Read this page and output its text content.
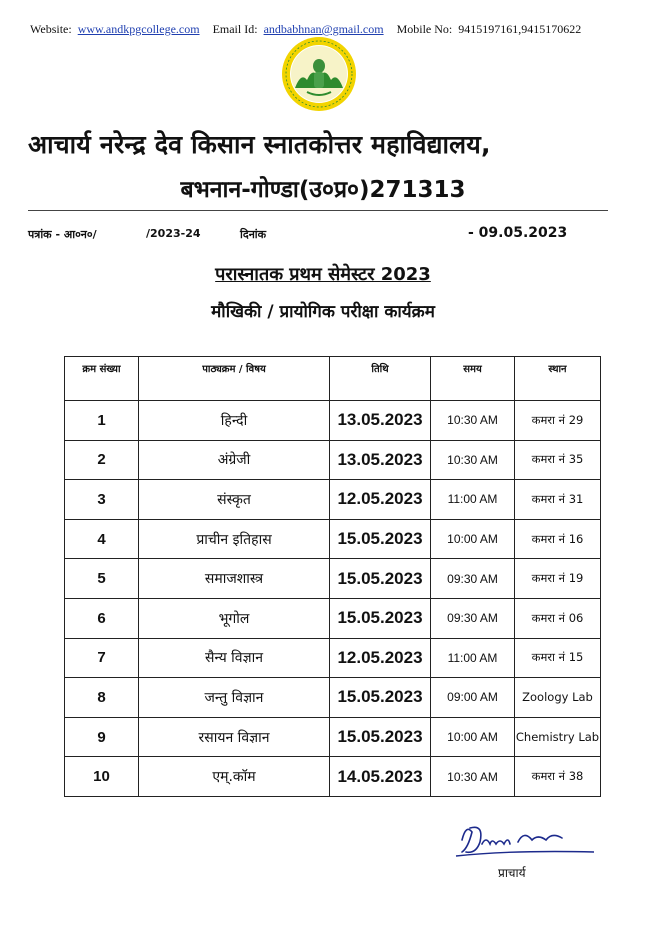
Website: www.andkpgcollege.com Email Id: andbabhnan@gmail.com Mobile No: 9415197161,9415170622
आचार्य नरेन्द्र देव किसान स्नातकोत्तर महाविद्यालय,
बभनान-गोण्डा(उ०प्र०)271313
पत्रांक - आ०न०/	/2023-24	दिनांक	- 09.05.2023
परास्नातक प्रथम सेमेस्टर 2023
मौखिकी / प्रायोगिक परीक्षा कार्यक्रम
क्रम संख्या	पाठ्यक्रम / विषय	तिथि	समय	स्थान
1	हिन्दी	13.05.2023	10:30 AM	कमरा नं 29
2	अंग्रेजी	13.05.2023	10:30 AM	कमरा नं 35
3	संस्कृत	12.05.2023	11:00 AM	कमरा नं 31
4	प्राचीन इतिहास	15.05.2023	10:00 AM	कमरा नं 16
5	समाजशास्त्र	15.05.2023	09:30 AM	कमरा नं 19
6	भूगोल	15.05.2023	09:30 AM	कमरा नं 06
7	सैन्य विज्ञान	12.05.2023	11:00 AM	कमरा नं 15
8	जन्तु विज्ञान	15.05.2023	09:00 AM	Zoology Lab
9	रसायन विज्ञान	15.05.2023	10:00 AM	Chemistry Lab
10	एम्.कॉम	14.05.2023	10:30 AM	कमरा नं 38
प्राचार्य
